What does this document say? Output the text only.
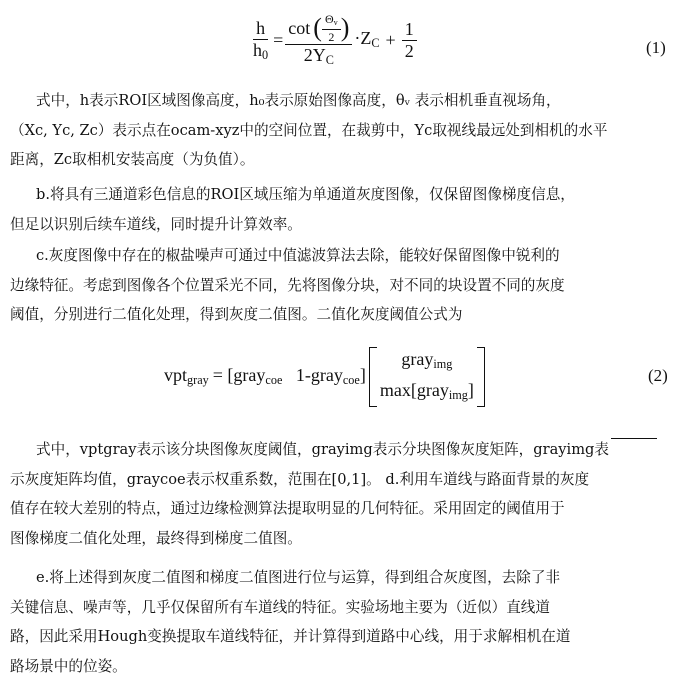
$\frac{h}{h_0}$ =
cot ( $\frac{\Theta_v}{2}$ )
$2Y_C$
$\cdot Z_C + \frac{1}{2}$	(1)

式中，h表示ROI区域图像高度，h₀表示原始图像高度，θᵥ 表示相机垂直视场角，

（Xc, Yc, Zc）表示点在ocam-xyz中的空间位置，在裁剪中，Yc取视线最远处到相机的水平

距离，Zc取相机安装高度（为负值）。

b.将具有三通道彩色信息的ROI区域压缩为单通道灰度图像，仅保留图像梯度信息，

但足以识别后续车道线，同时提升计算效率。

c.灰度图像中存在的椒盐噪声可通过中值滤波算法去除，能较好保留图像中锐利的

边缘特征。考虑到图像各个位置采光不同，先将图像分块，对不同的块设置不同的灰度

阈值，分别进行二值化处理，得到灰度二值图。二值化灰度阈值公式为

vpt$_{gray}$ = [gray$_{coe}$ 1-gray$_{coe}$]
gray$_{img}$
max[gray$_{img}$]
(2)

式中，vptgray表示该分块图像灰度阈值，grayimg表示分块图像灰度矩阵，grayimg表

示灰度矩阵均值，graycoe表示权重系数，范围在[0,1]。 d.利用车道线与路面背景的灰度

值存在较大差别的特点，通过边缘检测算法提取明显的几何特征。采用固定的阈值用于

图像梯度二值化处理，最终得到梯度二值图。

e.将上述得到灰度二值图和梯度二值图进行位与运算，得到组合灰度图，去除了非

关键信息、噪声等，几乎仅保留所有车道线的特征。实验场地主要为（近似）直线道

路，因此采用Hough变换提取车道线特征，并计算得到道路中心线，用于求解相机在道

路场景中的位姿。
